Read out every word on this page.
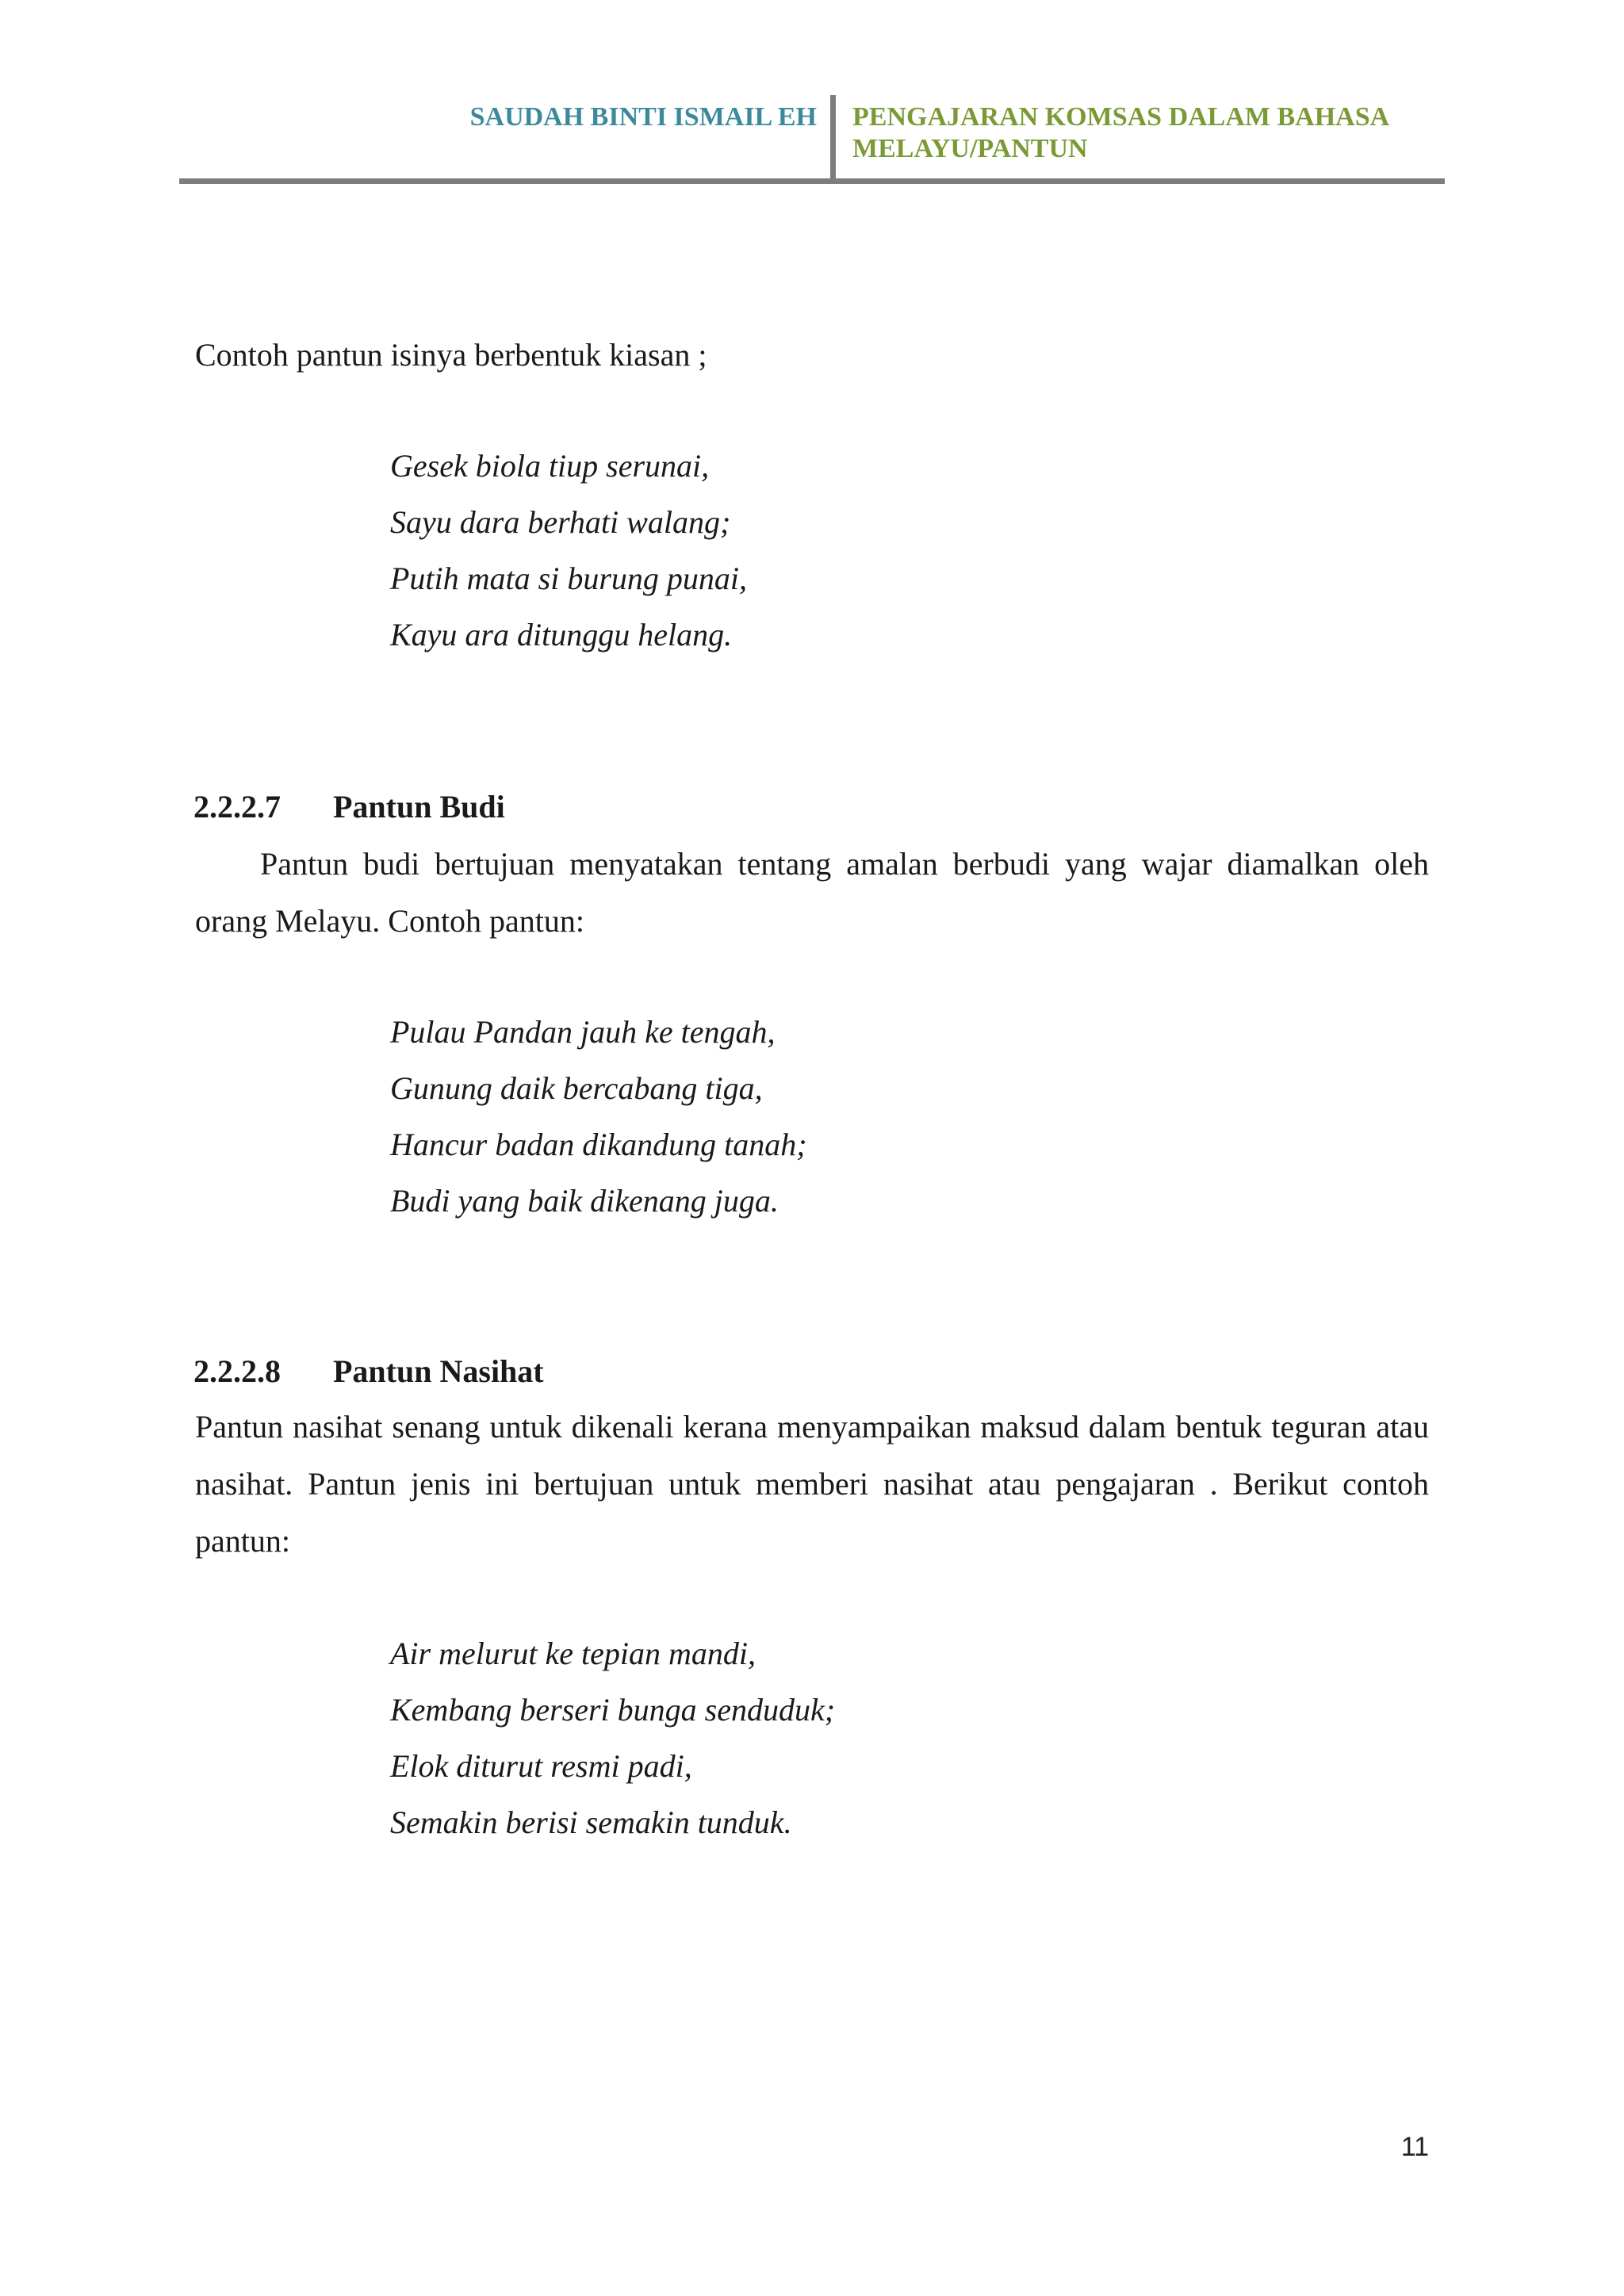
SAUDAH BINTI ISMAIL EH PENGAJARAN KOMSAS DALAM BAHASA
MELAYU/PANTUN

Contoh pantun isinya berbentuk kiasan ;

Gesek biola tiup serunai,
Sayu dara berhati walang;
Putih mata si burung punai,
Kayu ara ditunggu helang.
2.2.2.7 Pantun Budi

Pantun budi bertujuan menyatakan tentang amalan berbudi yang wajar diamalkan oleh orang Melayu. Contoh pantun:

Pulau Pandan jauh ke tengah,
Gunung daik bercabang tiga,
Hancur badan dikandung tanah;
Budi yang baik dikenang juga.
2.2.2.8 Pantun Nasihat

Pantun nasihat senang untuk dikenali kerana menyampaikan maksud dalam bentuk teguran atau nasihat. Pantun jenis ini bertujuan untuk memberi nasihat atau pengajaran . Berikut contoh pantun:

Air melurut ke tepian mandi,
Kembang berseri bunga senduduk;
Elok diturut resmi padi,
Semakin berisi semakin tunduk.
11
